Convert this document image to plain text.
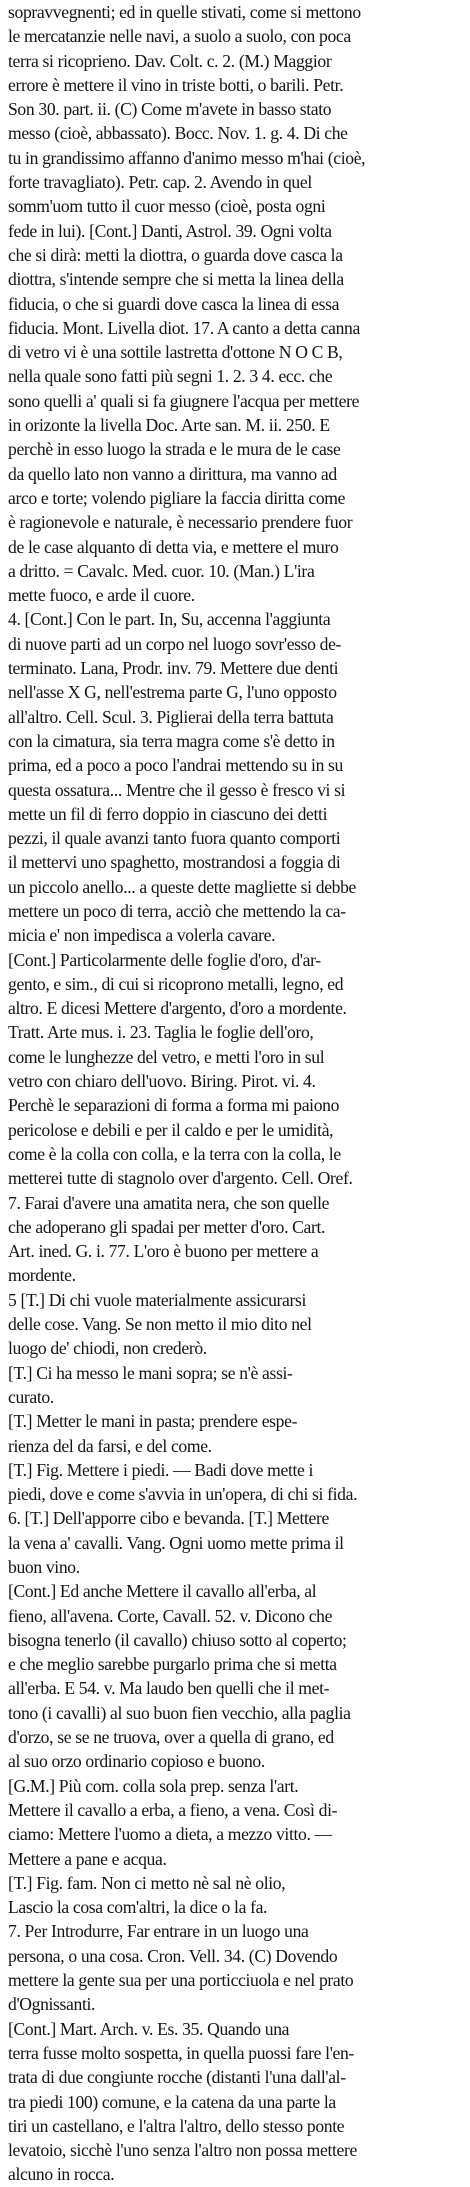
sopravvegnenti; ed in quelle stivati, come si mettono
le mercatanzie nelle navi, a suolo a suolo, con poca
terra si ricoprieno. Dav. Colt. c. 2. (M.) Maggior
errore è mettere il vino in triste botti, o barili. Petr.
Son 30. part. ii. (C) Come m'avete in basso stato
messo (cioè, abbassato). Bocc. Nov. 1. g. 4. Di che
tu in grandissimo affanno d'animo messo m'hai (cioè,
forte travagliato). Petr. cap. 2. Avendo in quel
somm'uom tutto il cuor messo (cioè, posta ogni
fede in lui). [Cont.] Danti, Astrol. 39. Ogni volta
che si dirà: metti la diottra, o guarda dove casca la
diottra, s'intende sempre che si metta la linea della
fiducia, o che si guardi dove casca la linea di essa
fiducia. Mont. Livella diot. 17. A canto a detta canna
di vetro vi è una sottile lastretta d'ottone N O C B,
nella quale sono fatti più segni 1. 2. 3 4. ecc. che
sono quelli a' quali si fa giugnere l'acqua per mettere
in orizonte la livella Doc. Arte san. M. ii. 250. E
perchè in esso luogo la strada e le mura de le case
da quello lato non vanno a dirittura, ma vanno ad
arco e torte; volendo pigliare la faccia diritta come
è ragionevole e naturale, è necessario prendere fuor
de le case alquanto di detta via, e mettere el muro
a dritto. = Cavalc. Med. cuor. 10. (Man.) L'ira
mette fuoco, e arde il cuore.
4. [Cont.] Con le part. In, Su, accenna l'aggiunta
di nuove parti ad un corpo nel luogo sovr'esso de-
terminato. Lana, Prodr. inv. 79. Mettere due denti
nell'asse X G, nell'estrema parte G, l'uno opposto
all'altro. Cell. Scul. 3. Piglierai della terra battuta
con la cimatura, sia terra magra come s'è detto in
prima, ed a poco a poco l'andrai mettendo su in su
questa ossatura... Mentre che il gesso è fresco vi si
mette un fil di ferro doppio in ciascuno dei detti
pezzi, il quale avanzi tanto fuora quanto comporti
il mettervi uno spaghetto, mostrandosi a foggia di
un piccolo anello... a queste dette magliette si debbe
mettere un poco di terra, acciò che mettendo la ca-
micia e' non impedisca a volerla cavare.
[Cont.] Particolarmente delle foglie d'oro, d'ar-
gento, e sim., di cui si ricoprono metalli, legno, ed
altro. E dicesi Mettere d'argento, d'oro a mordente.
Tratt. Arte mus. i. 23. Taglia le foglie dell'oro,
come le lunghezze del vetro, e metti l'oro in sul
vetro con chiaro dell'uovo. Biring. Pirot. vi. 4.
Perchè le separazioni di forma a forma mi paiono
pericolose e debili e per il caldo e per le umidità,
come è la colla con colla, e la terra con la colla, le
metterei tutte di stagnolo over d'argento. Cell. Oref.
7. Farai d'avere una amatita nera, che son quelle
che adoperano gli spadai per metter d'oro. Cart.
Art. ined. G. i. 77. L'oro è buono per mettere a
mordente.
5 [T.] Di chi vuole materialmente assicurarsi
delle cose. Vang. Se non metto il mio dito nel
luogo de' chiodi, non crederò.
[T.] Ci ha messo le mani sopra; se n'è assi-
curato.
[T.] Metter le mani in pasta; prendere espe-
rienza del da farsi, e del come.
[T.] Fig. Mettere i piedi. — Badi dove mette i
piedi, dove e come s'avvia in un'opera, di chi si fida.
6. [T.] Dell'apporre cibo e bevanda. [T.] Mettere
la vena a' cavalli. Vang. Ogni uomo mette prima il
buon vino.
[Cont.] Ed anche Mettere il cavallo all'erba, al
fieno, all'avena. Corte, Cavall. 52. v. Dicono che
bisogna tenerlo (il cavallo) chiuso sotto al coperto;
e che meglio sarebbe purgarlo prima che si metta
all'erba. E 54. v. Ma laudo ben quelli che il met-
tono (i cavalli) al suo buon fien vecchio, alla paglia
d'orzo, se se ne truova, over a quella di grano, ed
al suo orzo ordinario copioso e buono.
[G.M.] Più com. colla sola prep. senza l'art.
Mettere il cavallo a erba, a fieno, a vena. Così di-
ciamo: Mettere l'uomo a dieta, a mezzo vitto. —
Mettere a pane e acqua.
[T.] Fig. fam. Non ci metto nè sal nè olio,
Lascio la cosa com'altri, la dice o la fa.
7. Per Introdurre, Far entrare in un luogo una
persona, o una cosa. Cron. Vell. 34. (C) Dovendo
mettere la gente sua per una porticciuola e nel prato
d'Ognissanti.
[Cont.] Mart. Arch. v. Es. 35. Quando una
terra fusse molto sospetta, in quella puossi fare l'en-
trata di due congiunte rocche (distanti l'una dall'al-
tra piedi 100) comune, e la catena da una parte la
tiri un castellano, e l'altra l'altro, dello stesso ponte
levatoio, sicchè l'uno senza l'altro non possa mettere
alcuno in rocca.
